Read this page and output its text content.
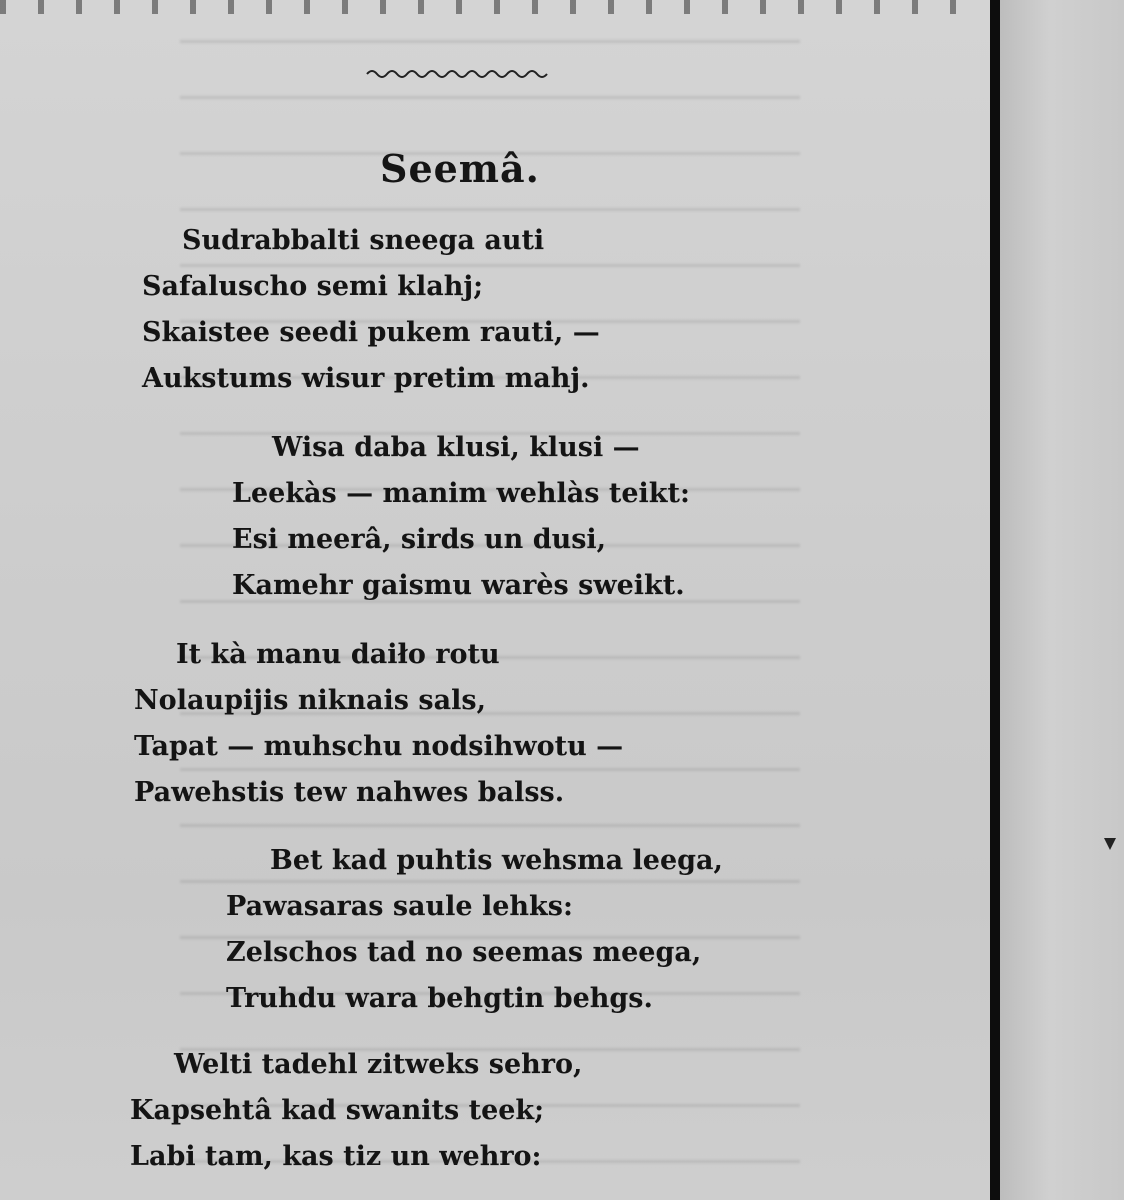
Seemâ.
Sudrabbalti sneega auti
Safaluscho semi klahj;
Skaistee seedi pukem rauti, —
Aukstums wisur pretim mahj.
Wisa daba klusi, klusi —
Leekàs — manim wehlàs teikt:
Esi meerâ, sirds un dusi,
Kamehr gaismu warès sweikt.
It kà manu daiło rotu
Nolaupijis niknais sals,
Tapat — muhschu nodsihwotu —
Pawehstis tew nahwes balss.
Bet kad puhtis wehsma leega,
Pawasaras saule lehks:
Zelschos tad no seemas meega,
Truhdu wara behgtin behgs.
Welti tadehl zitweks sehro,
Kapsehtâ kad swanits teek;
Labi tam, kas tiz un wehro:
